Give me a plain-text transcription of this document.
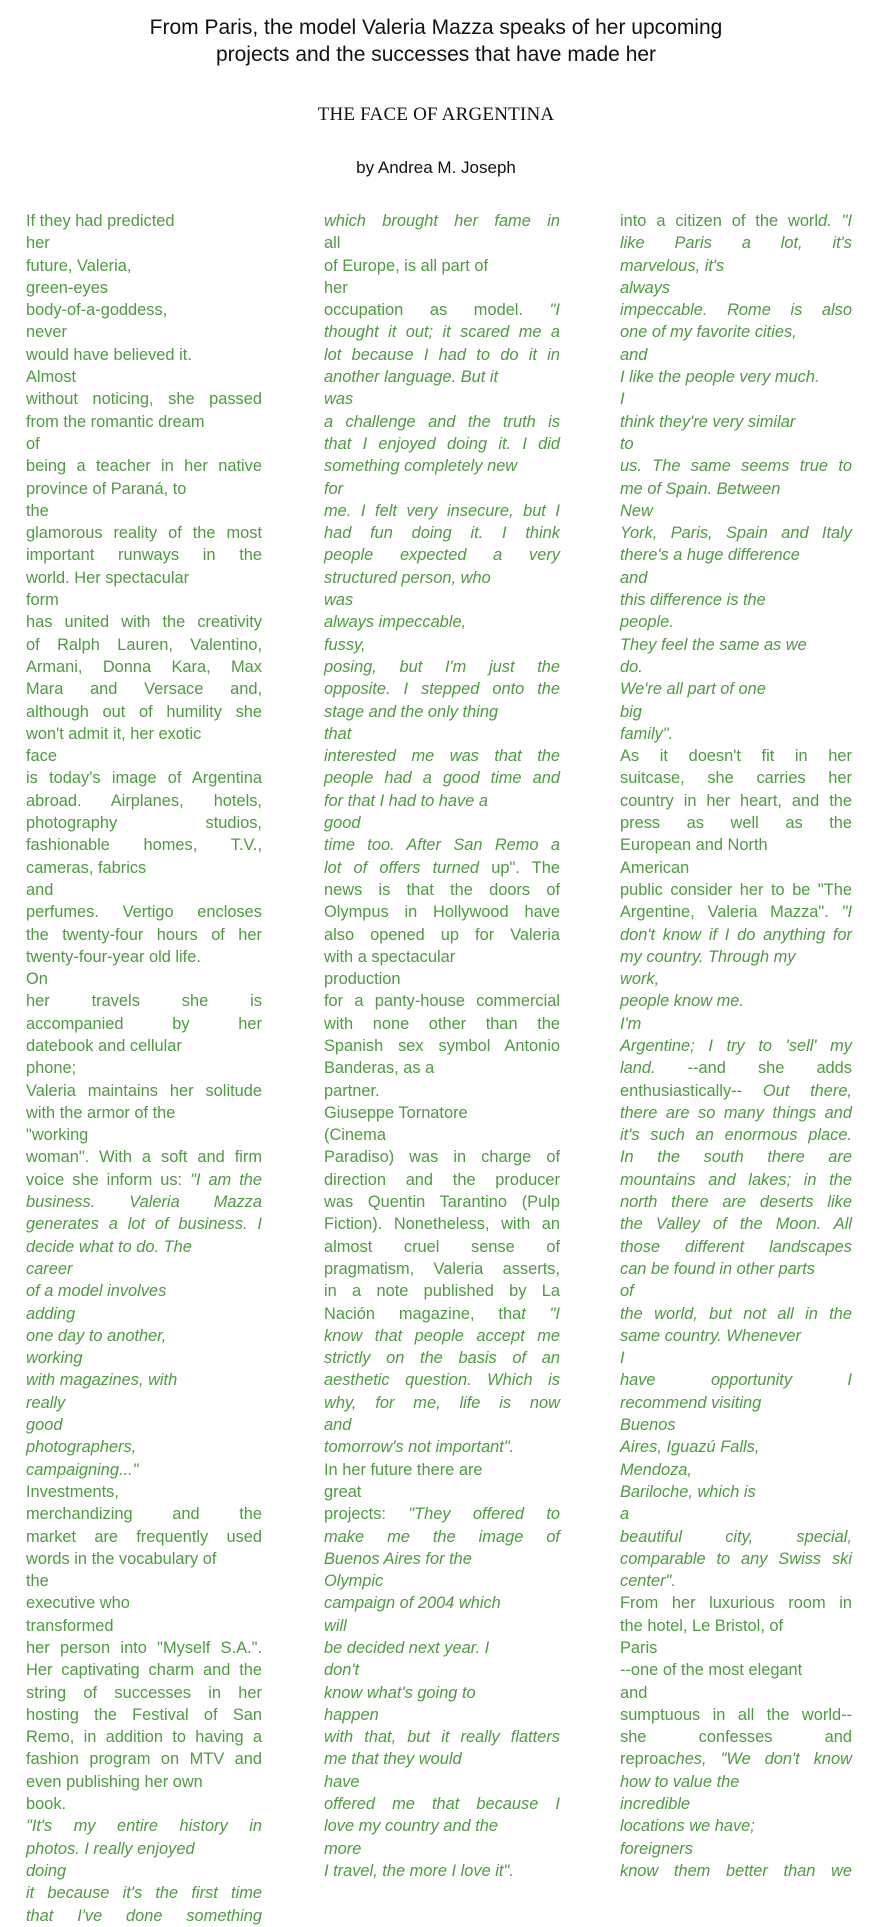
From Paris, the model Valeria Mazza speaks of her upcoming
projects and the successes that have made her

THE FACE OF ARGENTINA

by Andrea M. Joseph

If they had predicted
her
future, Valeria,
green-eyes
body-of-a-goddess,
never
would have believed it.
Almost
without noticing, she passed
from the romantic dream
of
being a teacher in her native
province of Paraná, to
the
glamorous reality of the most
important runways in the
world. Her spectacular
form
has united with the creativity
of Ralph Lauren, Valentino,
Armani, Donna Kara, Max
Mara and Versace and,
although out of humility she
won't admit it, her exotic
face
is today's image of Argentina
abroad. Airplanes, hotels,
photography studios,
fashionable homes, T.V.,
cameras, fabrics
and
perfumes. Vertigo encloses
the twenty-four hours of her
twenty-four-year old life.
On
her travels she is
accompanied by her
datebook and cellular
phone;
Valeria maintains her solitude
with the armor of the
"working
woman". With a soft and firm
voice she inform us: "I am the
business. Valeria Mazza
generates a lot of business. I
decide what to do. The
career
of a model involves
adding
one day to another,
working
with magazines, with
really
good
photographers,
campaigning..."
Investments,
merchandizing and the
market are frequently used
words in the vocabulary of
the
executive who
transformed
her person into "Myself S.A.".
Her captivating charm and the
string of successes in her
hosting the Festival of San
Remo, in addition to having a
fashion program on MTV and
even publishing her own
book.
"It's my entire history in
photos. I really enjoyed
doing
it because it's the first time
that I've done something
which brought her fame in
all
of Europe, is all part of
her
occupation as model. "I
thought it out; it scared me a
lot because I had to do it in
another language. But it
was
a challenge and the truth is
that I enjoyed doing it. I did
something completely new
for
me. I felt very insecure, but I
had fun doing it. I think
people expected a very
structured person, who
was
always impeccable,
fussy,
posing, but I'm just the
opposite. I stepped onto the
stage and the only thing
that
interested me was that the
people had a good time and
for that I had to have a
good
time too. After San Remo a
lot of offers turned up". The
news is that the doors of
Olympus in Hollywood have
also opened up for Valeria
with a spectacular
production
for a panty-house commercial
with none other than the
Spanish sex symbol Antonio
Banderas, as a
partner.
Giuseppe Tornatore
(Cinema
Paradiso) was in charge of
direction and the producer
was Quentin Tarantino (Pulp
Fiction). Nonetheless, with an
almost cruel sense of
pragmatism, Valeria asserts,
in a note published by La
Nación magazine, that "I
know that people accept me
strictly on the basis of an
aesthetic question. Which is
why, for me, life is now
and
tomorrow's not important".
In her future there are
great
projects: "They offered to
make me the image of
Buenos Aires for the
Olympic
campaign of 2004 which
will
be decided next year. I
don't
know what's going to
happen
with that, but it really flatters
me that they would
have
offered me that because I
love my country and the
more
I travel, the more I love it".
into a citizen of the world. "I
like Paris a lot, it's
marvelous, it's
always
impeccable. Rome is also
one of my favorite cities,
and
I like the people very much.
I
think they're very similar
to
us. The same seems true to
me of Spain. Between
New
York, Paris, Spain and Italy
there's a huge difference
and
this difference is the
people.
They feel the same as we
do.
We're all part of one
big
family".
As it doesn't fit in her
suitcase, she carries her
country in her heart, and the
press as well as the
European and North
American
public consider her to be "The
Argentine, Valeria Mazza". "I
don't know if I do anything for
my country. Through my
work,
people know me.
I'm
Argentine; I try to 'sell' my
land. --and she adds
enthusiastically-- Out there,
there are so many things and
it's such an enormous place.
In the south there are
mountains and lakes; in the
north there are deserts like
the Valley of the Moon. All
those different landscapes
can be found in other parts
of
the world, but not all in the
same country. Whenever
I
have opportunity I
recommend visiting
Buenos
Aires, Iguazú Falls,
Mendoza,
Bariloche, which is
a
beautiful city, special,
comparable to any Swiss ski
center".
From her luxurious room in
the hotel, Le Bristol, of
Paris
--one of the most elegant
and
sumptuous in all the world--
she confesses and
reproaches, "We don't know
how to value the
incredible
locations we have;
foreigners
know them better than we
